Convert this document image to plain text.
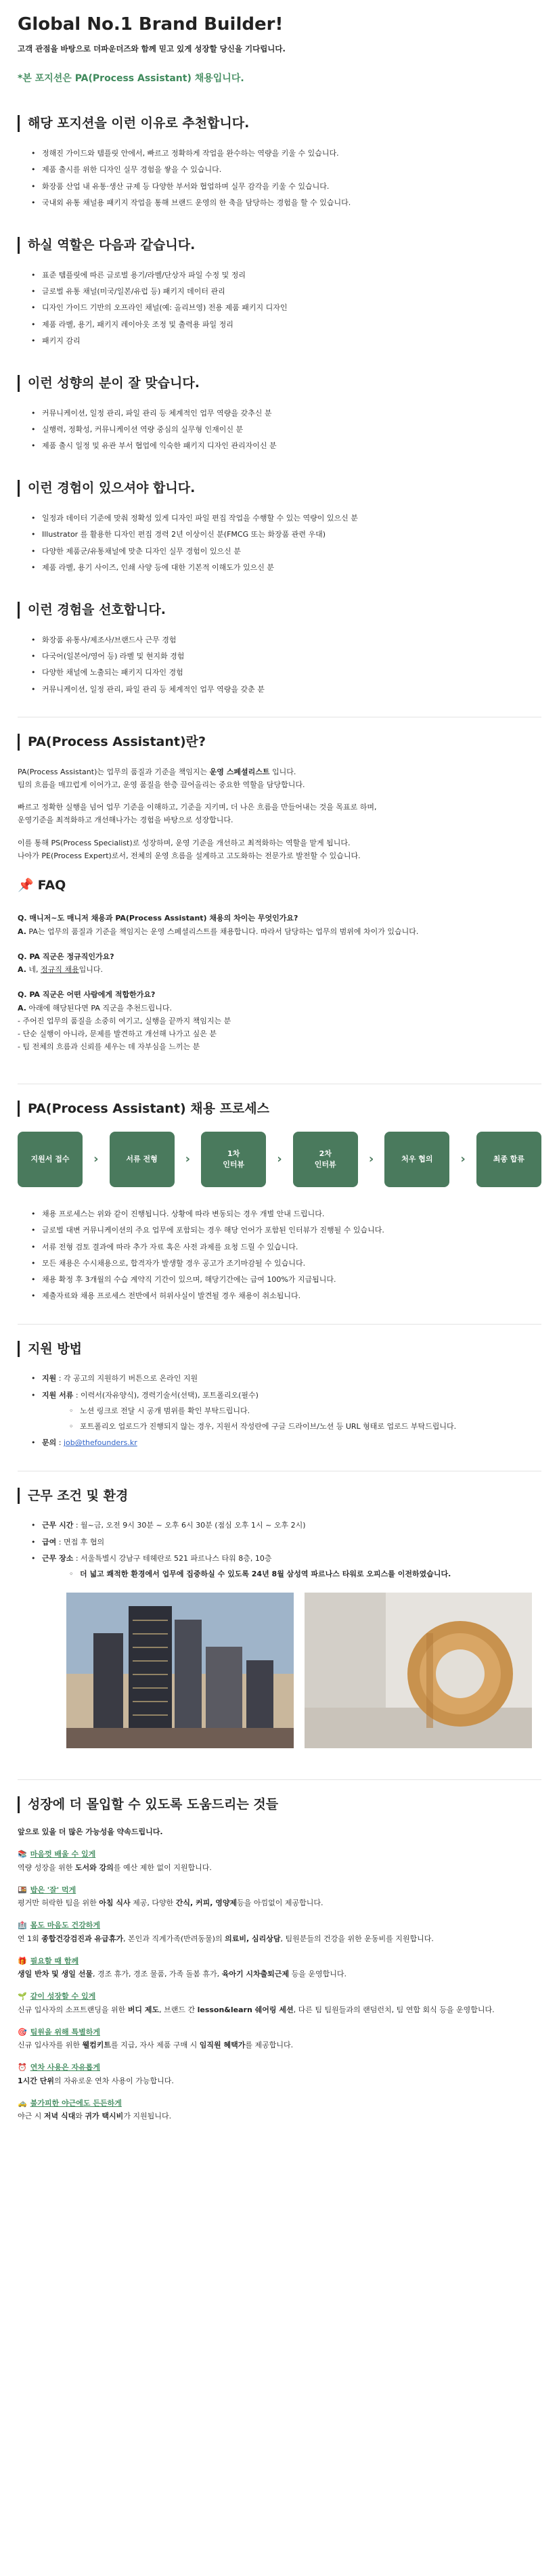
Global No.1 Brand Builder!
고객 관점을 바탕으로 더파운더즈와 함께 믿고 있게 성장할 당신을 기다립니다.
*본 포지션은 PA(Process Assistant) 채용입니다.
해당 포지션을 이런 이유로 추천합니다.
• 정해진 가이드와 템플릿 안에서, 빠르고 정확하게 작업을 완수하는 역량을 키울 수 있습니다.
• 제품 출시를 위한 디자인 실무 경험을 쌓을 수 있습니다.
• 화장품 산업 내 유통·생산 규제 등 다양한 부서와 협업하며 실무 감각을 키울 수 있습니다.
• 국내외 유통 채널용 패키지 작업을 통해 브랜드 운영의 한 축을 담당하는 경험을 할 수 있습니다.
하실 역할은 다음과 같습니다.
• 표준 템플릿에 따른 글로벌 용기/라벨/단상자 파일 수정 및 정리
• 글로벌 유통 채널(미국/일본/유럽 등) 패키지 데이터 관리
• 디자인 가이드 기반의 오프라인 채널(예: 올리브영) 전용 제품 패키지 디자인
• 제품 라벨, 용기, 패키지 레이아웃 조정 및 출력용 파일 정리
• 패키지 감리
이런 성향의 분이 잘 맞습니다.
• 커뮤니케이션, 일정 관리, 파일 관리 등 체계적인 업무 역량을 갖추신 분
• 실행력, 정확성, 커뮤니케이션 역량 중심의 실무형 인재이신 분
• 제품 출시 일정 및 유관 부서 협업에 익숙한 패키지 디자인 관리자이신 분
이런 경험이 있으셔야 합니다.
• 일정과 데이터 기준에 맞춰 정확성 있게 디자인 파일 편집 작업을 수행할 수 있는 역량이 있으신 분
• Illustrator 를 활용한 디자인 편집 경력 2년 이상이신 분(FMCG 또는 화장품 관련 우대)
• 다양한 제품군/유통채널에 맞춘 디자인 실무 경험이 있으신 분
• 제품 라벨, 용기 사이즈, 인쇄 사양 등에 대한 기본적 이해도가 있으신 분
이런 경험을 선호합니다.
• 화장품 유통사/제조사/브랜드사 근무 경험
• 다국어(일본어/영어 등) 라벨 및 현지화 경험
• 다양한 채널에 노출되는 패키지 디자인 경험
• 커뮤니케이션, 일정 관리, 파일 관리 등 체계적인 업무 역량을 갖춘 분
PA(Process Assistant)란?
PA(Process Assistant)는 업무의 품질과 기준을 책임지는 운영 스페셜리스트 입니다.
팀의 흐름을 매끄럽게 이어가고, 운영 품질을 한층 끌어올리는 중요한 역할을 담당합니다.
빠르고 정확한 실행을 넘어 업무 기준을 이해하고, 기준을 지키며, 더 나은 흐름을 만들어내는 것을 목표로 하며,
운영기준을 최적화하고 개선해나가는 경험을 바탕으로 성장합니다.
이를 통해 PS(Process Specialist)로 성장하며, 운영 기준을 개선하고 최적화하는 역할을 맡게 됩니다.
나아가 PE(Process Expert)로서, 전체의 운영 흐름을 설계하고 고도화하는 전문가로 발전할 수 있습니다.
📌 FAQ
Q. 매니저~도 매니저 채용과 PA(Process Assistant) 채용의 차이는 무엇인가요?
A. PA는 업무의 품질과 기준을 책임지는 운영 스페셜리스트를 채용합니다. 따라서 담당하는 업무의 범위에 차이가 있습니다.
Q. PA 직군은 정규직인가요?
A. 네, 정규직 채용입니다.
Q. PA 직군은 어떤 사람에게 적합한가요?
A. 아래에 해당된다면 PA 직군을 추천드립니다.
- 주어진 업무의 품질을 소중히 여기고, 실행을 끝까지 책임지는 분
- 단순 실행이 아니라, 문제를 발견하고 개선해 나가고 싶은 분
- 팀 전체의 흐름과 신뢰를 세우는 데 자부심을 느끼는 분
PA(Process Assistant) 채용 프로세스
지원서 접수	›	서류 전형	›	1차
인터뷰	›	2차
인터뷰	›	처우 협의	›	최종 합류
• 채용 프로세스는 위와 같이 진행됩니다. 상황에 따라 변동되는 경우 개별 안내 드립니다.
• 글로벌 대변 커뮤니케이션의 주요 업무에 포함되는 경우 해당 언어가 포함된 인터뷰가 진행될 수 있습니다.
• 서류 전형 검토 결과에 따라 추가 자료 혹은 사전 과제를 요청 드릴 수 있습니다.
• 모든 채용은 수시채용으로, 합격자가 발생할 경우 공고가 조기마감될 수 있습니다.
• 채용 확정 후 3개월의 수습 계약직 기간이 있으며, 해당기간에는 급여 100%가 지급됩니다.
• 제출자료와 채용 프로세스 전반에서 허위사실이 발견될 경우 채용이 취소됩니다.
지원 방법
• 지원 : 각 공고의 지원하기 버튼으로 온라인 지원
• 지원 서류 : 이력서(자유양식), 경력기술서(선택), 포트폴리오(필수)
◦ 노션 링크로 전달 시 공개 범위를 확인 부탁드립니다.
◦ 포트폴리오 업로드가 진행되지 않는 경우, 지원서 작성란에 구글 드라이브/노션 등 URL 형태로 업로드 부탁드립니다.
• 문의 : job@thefounders.kr
근무 조건 및 환경
• 근무 시간 : 월~금, 오전 9시 30분 ~ 오후 6시 30분 (점심 오후 1시 ~ 오후 2시)
• 급여 : 면접 후 협의
• 근무 장소 : 서울특별시 강남구 테헤란로 521 파르나스 타워 8층, 10층
◦ 더 넓고 쾌적한 환경에서 업무에 집중하실 수 있도록 24년 8월 삼성역 파르나스 타워로 오피스를 이전하였습니다.
성장에 더 몰입할 수 있도록 도움드리는 것들
앞으로 있을 더 많은 가능성을 약속드립니다.
📚 마음껏 배울 수 있게
역량 성장을 위한 도서와 강의를 예산 제한 없이 지원합니다.
🍱 밥은 '잘' 먹게
평거만 허락한 팀을 위한 아침 식사 제공, 다양한 간식, 커피, 영양제등을 아낌없이 제공합니다.
🏥 몸도 마음도 건강하게
연 1회 종합건강검진과 유급휴가, 본인과 직계가족(반려동물)의 의료비, 심리상담, 팀원분들의 건강을 위한 운동비를 지원합니다.
🎁 필요할 때 함께
생일 반차 및 생일 선물, 경조 휴가, 경조 물품, 가족 돌봄 휴가, 육아기 시차출퇴근제 등을 운영합니다.
🌱 같이 성장할 수 있게
신규 입사자의 소프트랜딩을 위한 버디 제도, 브랜드 간 lesson&learn 쉐어링 세션, 다른 팀 팀원들과의 랜덤런치, 팀 연합 회식 등을 운영합니다.
🎯 팀원을 위해 특별하게
신규 입사자를 위한 웰컴키트를 지급, 자사 제품 구매 시 임직원 혜택가를 제공합니다.
⏰ 연차 사용은 자유롭게
1시간 단위의 자유로운 연차 사용이 가능합니다.
🚕 불가피한 야근에도 든든하게
야근 시 저녁 식대와 귀가 택시비가 지원됩니다.
